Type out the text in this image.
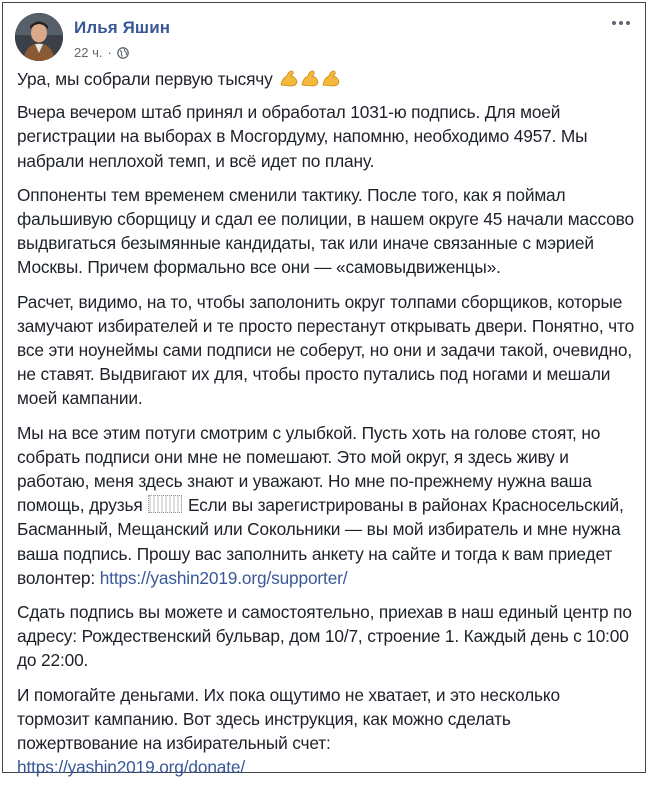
Илья Яшин
22 ч. ·

Ура, мы собрали первую тысячу

Вчера вечером штаб принял и обработал 1031-ю подпись. Для моей регистрации на выборах в Мосгордуму, напомню, необходимо 4957. Мы набрали неплохой темп, и всё идет по плану.

Оппоненты тем временем сменили тактику. После того, как я поймал фальшивую сборщицу и сдал ее полиции, в нашем округе 45 начали массово выдвигаться безымянные кандидаты, так или иначе связанные с мэрией Москвы. Причем формально все они — «самовыдвиженцы».

Расчет, видимо, на то, чтобы заполонить округ толпами сборщиков, которые замучают избирателей и те просто перестанут открывать двери. Понятно, что все эти ноунеймы сами подписи не соберут, но они и задачи такой, очевидно, не ставят. Выдвигают их для, чтобы просто путались под ногами и мешали моей кампании.

Мы на все этим потуги смотрим с улыбкой. Пусть хоть на голове стоят, но собрать подписи они мне не помешают. Это мой округ, я здесь живу и работаю, меня здесь знают и уважают. Но мне по-прежнему нужна ваша помощь, друзья	Если вы зарегистрированы в районах Красносельский, Басманный, Мещанский или Сокольники — вы мой избиратель и мне нужна ваша подпись. Прошу вас заполнить анкету на сайте и тогда к вам приедет волонтер: https://yashin2019.org/supporter/

Сдать подпись вы можете и самостоятельно, приехав в наш единый центр по адресу: Рождественский бульвар, дом 10/7, строение 1. Каждый день с 10:00 до 22:00.

И помогайте деньгами. Их пока ощутимо не хватает, и это несколько тормозит кампанию. Вот здесь инструкция, как можно сделать пожертвование на избирательный счет:
https://yashin2019.org/donate/
